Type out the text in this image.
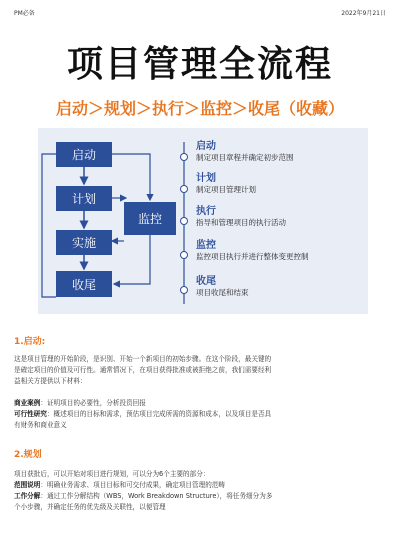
PM必备	2022年9月21日
项目管理全流程
启动＞规划＞执行＞监控＞收尾（收藏）
启动
计划
实施
收尾
监控
启动
制定项目章程并确定初步范围
计划
制定项目管理计划
执行
指导和管理项目的执行活动
监控
监控项目执行并进行整体变更控制
收尾
项目收尾和结束
1.启动:
这是项目管理的开始阶段，是识别、开始一个新项目的初始步骤。在这个阶段，最关键的
是確定项目的价值及可行性。通常情况下，在项目获得批准或被拒绝之前，我们需要经利
益相关方提供以下材料：
商业案例：证明项目的必要性，分析投资回报
可行性研究：概述项目的目标和需求，预估项目完成所需的资源和成本，以及项目是否具
有财务和商业意义
2.规划
项目获批后，可以开始对项目进行规划，可以分为6个主要的部分：
范围说明：明确业务需求、项目目标和可交付成果，确定项目管理的范畴
工作分解：通过工作分解结构（WBS，Work Breakdown Structure），将任务细分为多
个小步骤，并确定任务的优先级及关联性，以便管理
